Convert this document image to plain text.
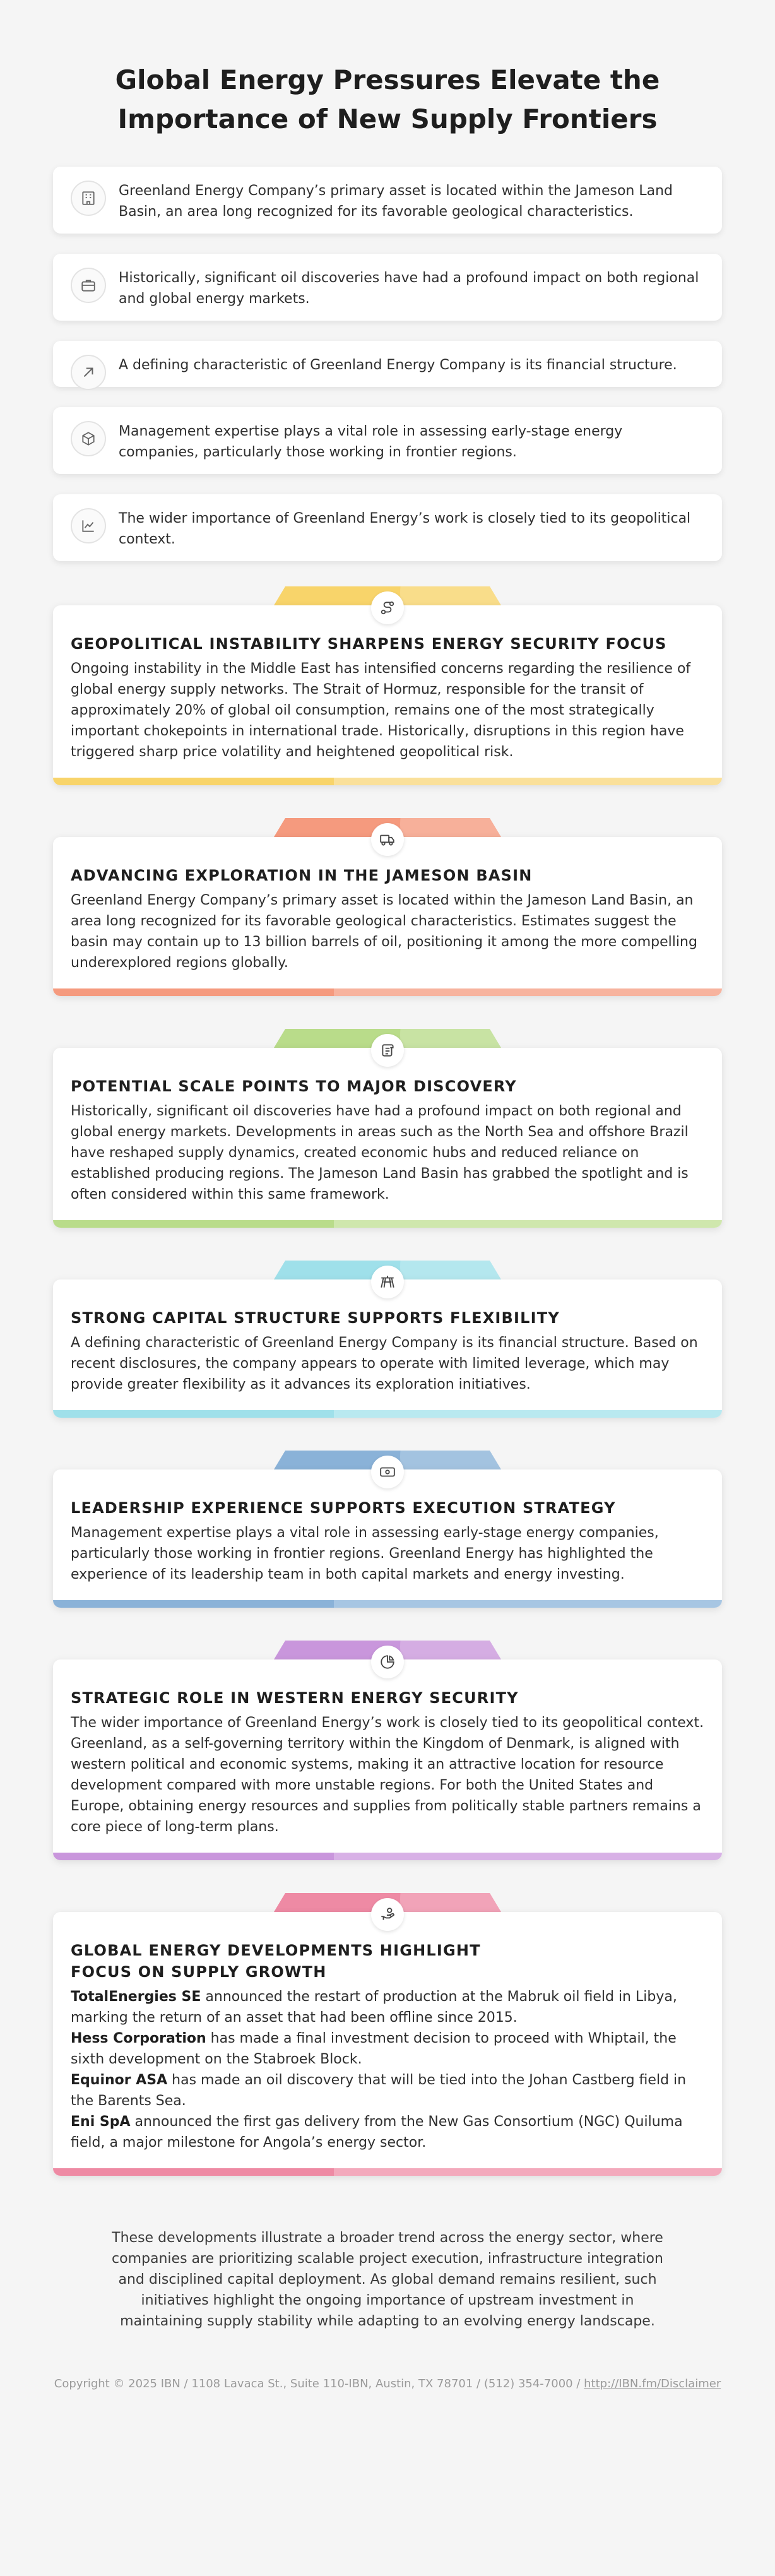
Global Energy Pressures Elevate the Importance of New Supply Frontiers
Greenland Energy Company’s primary asset is located within the Jameson Land Basin, an area long recognized for its favorable geological characteristics.
Historically, significant oil discoveries have had a profound impact on both regional and global energy markets.
A defining characteristic of Greenland Energy Company is its financial structure.
Management expertise plays a vital role in assessing early-stage energy companies, particularly those working in frontier regions.
The wider importance of Greenland Energy’s work is closely tied to its geopolitical context.
GEOPOLITICAL INSTABILITY SHARPENS ENERGY SECURITY FOCUS
Ongoing instability in the Middle East has intensified concerns regarding the resilience of global energy supply networks. The Strait of Hormuz, responsible for the transit of approximately 20% of global oil consumption, remains one of the most strategically important chokepoints in international trade. Historically, disruptions in this region have triggered sharp price volatility and heightened geopolitical risk.
ADVANCING EXPLORATION IN THE JAMESON BASIN
Greenland Energy Company’s primary asset is located within the Jameson Land Basin, an area long recognized for its favorable geological characteristics. Estimates suggest the basin may contain up to 13 billion barrels of oil, positioning it among the more compelling underexplored regions globally.
POTENTIAL SCALE POINTS TO MAJOR DISCOVERY
Historically, significant oil discoveries have had a profound impact on both regional and global energy markets. Developments in areas such as the North Sea and offshore Brazil have reshaped supply dynamics, created economic hubs and reduced reliance on established producing regions. The Jameson Land Basin has grabbed the spotlight and is often considered within this same framework.
STRONG CAPITAL STRUCTURE SUPPORTS FLEXIBILITY
A defining characteristic of Greenland Energy Company is its financial structure. Based on recent disclosures, the company appears to operate with limited leverage, which may provide greater flexibility as it advances its exploration initiatives.
LEADERSHIP EXPERIENCE SUPPORTS EXECUTION STRATEGY
Management expertise plays a vital role in assessing early-stage energy companies, particularly those working in frontier regions. Greenland Energy has highlighted the experience of its leadership team in both capital markets and energy investing.
STRATEGIC ROLE IN WESTERN ENERGY SECURITY
The wider importance of Greenland Energy’s work is closely tied to its geopolitical context. Greenland, as a self-governing territory within the Kingdom of Denmark, is aligned with western political and economic systems, making it an attractive location for resource development compared with more unstable regions. For both the United States and Europe, obtaining energy resources and supplies from politically stable partners remains a core piece of long-term plans.
GLOBAL ENERGY DEVELOPMENTS HIGHLIGHT FOCUS ON SUPPLY GROWTH
TotalEnergies SE announced the restart of production at the Mabruk oil field in Libya, marking the return of an asset that had been offline since 2015.
Hess Corporation has made a final investment decision to proceed with Whiptail, the sixth development on the Stabroek Block.
Equinor ASA has made an oil discovery that will be tied into the Johan Castberg field in the Barents Sea.
Eni SpA announced the first gas delivery from the New Gas Consortium (NGC) Quiluma field, a major milestone for Angola’s energy sector.

These developments illustrate a broader trend across the energy sector, where companies are prioritizing scalable project execution, infrastructure integration and disciplined capital deployment. As global demand remains resilient, such initiatives highlight the ongoing importance of upstream investment in maintaining supply stability while adapting to an evolving energy landscape.

Copyright © 2025 IBN / 1108 Lavaca St., Suite 110-IBN, Austin, TX 78701 / (512) 354-7000 / http://IBN.fm/Disclaimer
